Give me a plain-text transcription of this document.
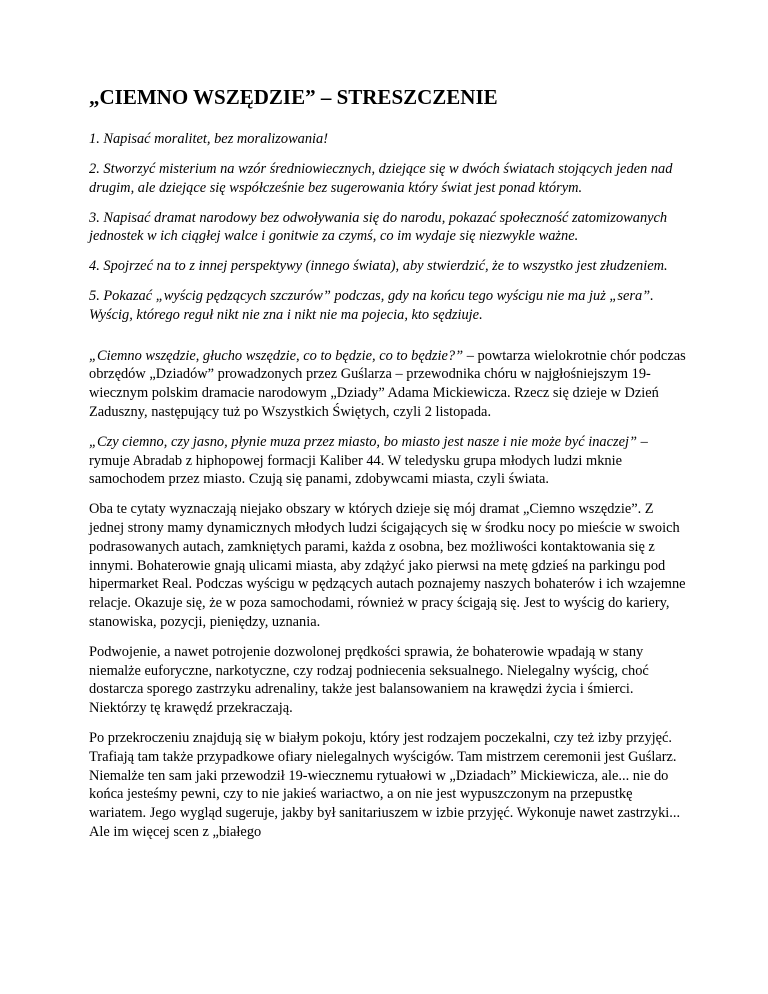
„CIEMNO WSZĘDZIE” – STRESZCZENIE

1. Napisać moralitet, bez moralizowania!

2. Stworzyć misterium na wzór średniowiecznych, dziejące się w dwóch światach stojących jeden nad drugim, ale dziejące się współcześnie bez sugerowania który świat jest ponad którym.

3. Napisać dramat narodowy bez odwoływania się do narodu, pokazać społeczność zatomizowanych jednostek w ich ciągłej walce i gonitwie za czymś, co im wydaje się niezwykle ważne.

4. Spojrzeć na to z innej perspektywy (innego świata), aby stwierdzić, że to wszystko jest złudzeniem.

5. Pokazać „wyścig pędzących szczurów” podczas, gdy na końcu tego wyścigu nie ma już „sera”. Wyścig, którego reguł nikt nie zna i nikt nie ma pojecia, kto sędziuje.

„Ciemno wszędzie, głucho wszędzie, co to będzie, co to będzie?” – powtarza wielokrotnie chór podczas obrzędów „Dziadów” prowadzonych przez Guślarza – przewodnika chóru w najgłośniejszym 19- wiecznym polskim dramacie narodowym „Dziady” Adama Mickiewicza. Rzecz się dzieje w Dzień Zaduszny, następujący tuż po Wszystkich Świętych, czyli 2 listopada.

„Czy ciemno, czy jasno, płynie muza przez miasto, bo miasto jest nasze i nie może być inaczej” – rymuje Abradab z hiphopowej formacji Kaliber 44. W teledysku grupa młodych ludzi mknie samochodem przez miasto. Czują się panami, zdobywcami miasta, czyli świata.

Oba te cytaty wyznaczają niejako obszary w których dzieje się mój dramat „Ciemno wszędzie”. Z jednej strony mamy dynamicznych młodych ludzi ścigających się w środku nocy po mieście w swoich podrasowanych autach, zamkniętych parami, każda z osobna, bez możliwości kontaktowania się z innymi. Bohaterowie gnają ulicami miasta, aby zdążyć jako pierwsi na metę gdzieś na parkingu pod hipermarket Real. Podczas wyścigu w pędzących autach poznajemy naszych bohaterów i ich wzajemne relacje. Okazuje się, że w poza samochodami, również w pracy ścigają się. Jest to wyścig do kariery, stanowiska, pozycji, pieniędzy, uznania.

Podwojenie, a nawet potrojenie dozwolonej prędkości sprawia, że bohaterowie wpadają w stany niemalże euforyczne, narkotyczne, czy rodzaj podniecenia seksualnego. Nielegalny wyścig, choć dostarcza sporego zastrzyku adrenaliny, także jest balansowaniem na krawędzi życia i śmierci. Niektórzy tę krawędź przekraczają.

Po przekroczeniu znajdują się w białym pokoju, który jest rodzajem poczekalni, czy też izby przyjęć. Trafiają tam także przypadkowe ofiary nielegalnych wyścigów. Tam mistrzem ceremonii jest Guślarz. Niemalże ten sam jaki przewodził 19-wiecznemu rytuałowi w „Dziadach” Mickiewicza, ale... nie do końca jesteśmy pewni, czy to nie jakieś wariactwo, a on nie jest wypuszczonym na przepustkę wariatem. Jego wygląd sugeruje, jakby był sanitariuszem w izbie przyjęć. Wykonuje nawet zastrzyki... Ale im więcej scen z „białego
